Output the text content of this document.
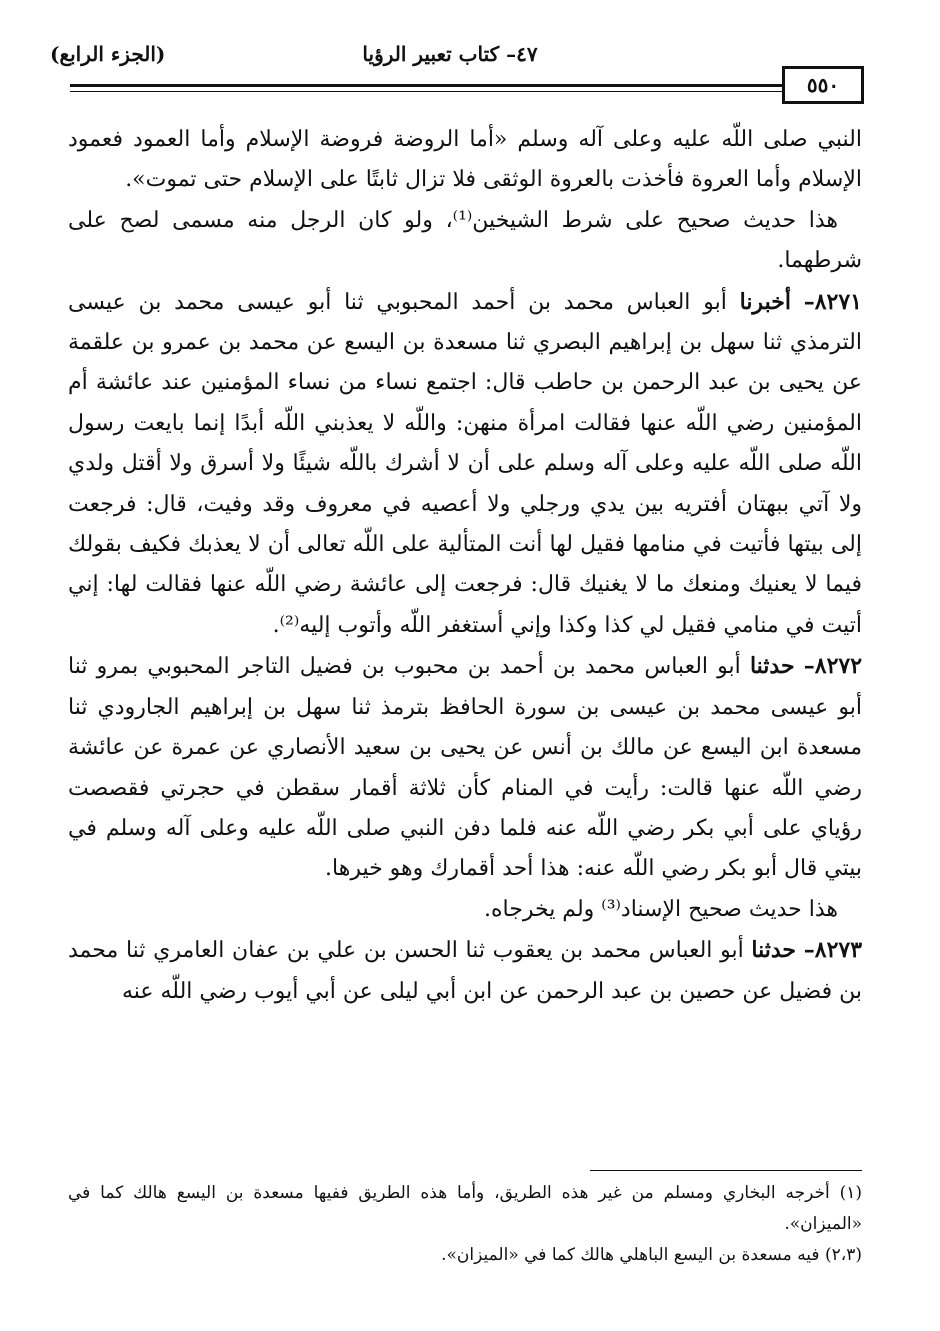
٤٧– كتاب تعبير الرؤيا
(الجزء الرابع)
٥٥٠

النبي صلى اللّه عليه وعلى آله وسلم «أما الروضة فروضة الإسلام وأما العمود فعمود الإسلام وأما العروة فأخذت بالعروة الوثقى فلا تزال ثابتًا على الإسلام حتى تموت».

هذا حديث صحيح على شرط الشيخين⁽¹⁾، ولو كان الرجل منه مسمى لصح على شرطهما.

٨٢٧١– أخبرنا أبو العباس محمد بن أحمد المحبوبي ثنا أبو عيسى محمد بن عيسى الترمذي ثنا سهل بن إبراهيم البصري ثنا مسعدة بن اليسع عن محمد بن عمرو بن علقمة عن يحيى بن عبد الرحمن بن حاطب قال: اجتمع نساء من نساء المؤمنين عند عائشة أم المؤمنين رضي اللّه عنها فقالت امرأة منهن: واللّه لا يعذبني اللّه أبدًا إنما بايعت رسول اللّه صلى اللّه عليه وعلى آله وسلم على أن لا أشرك باللّه شيئًا ولا أسرق ولا أقتل ولدي ولا آتي ببهتان أفتريه بين يدي ورجلي ولا أعصيه في معروف وقد وفيت، قال: فرجعت إلى بيتها فأتيت في منامها فقيل لها أنت المتألية على اللّه تعالى أن لا يعذبك فكيف بقولك فيما لا يعنيك ومنعك ما لا يغنيك قال: فرجعت إلى عائشة رضي اللّه عنها فقالت لها: إني أتيت في منامي فقيل لي كذا وكذا وإني أستغفر اللّه وأتوب إليه⁽²⁾.

٨٢٧٢– حدثنا أبو العباس محمد بن أحمد بن محبوب بن فضيل التاجر المحبوبي بمرو ثنا أبو عيسى محمد بن عيسى بن سورة الحافظ بترمذ ثنا سهل بن إبراهيم الجارودي ثنا مسعدة ابن اليسع عن مالك بن أنس عن يحيى بن سعيد الأنصاري عن عمرة عن عائشة رضي اللّه عنها قالت: رأيت في المنام كأن ثلاثة أقمار سقطن في حجرتي فقصصت رؤياي على أبي بكر رضي اللّه عنه فلما دفن النبي صلى اللّه عليه وعلى آله وسلم في بيتي قال أبو بكر رضي اللّه عنه: هذا أحد أقمارك وهو خيرها.

هذا حديث صحيح الإسناد⁽³⁾ ولم يخرجاه.

٨٢٧٣– حدثنا أبو العباس محمد بن يعقوب ثنا الحسن بن علي بن عفان العامري ثنا محمد بن فضيل عن حصين بن عبد الرحمن عن ابن أبي ليلى عن أبي أيوب رضي اللّه عنه

(١) أخرجه البخاري ومسلم من غير هذه الطريق، وأما هذه الطريق ففيها مسعدة بن اليسع هالك كما في «الميزان».

(٢،٣) فيه مسعدة بن اليسع الباهلي هالك كما في «الميزان».
